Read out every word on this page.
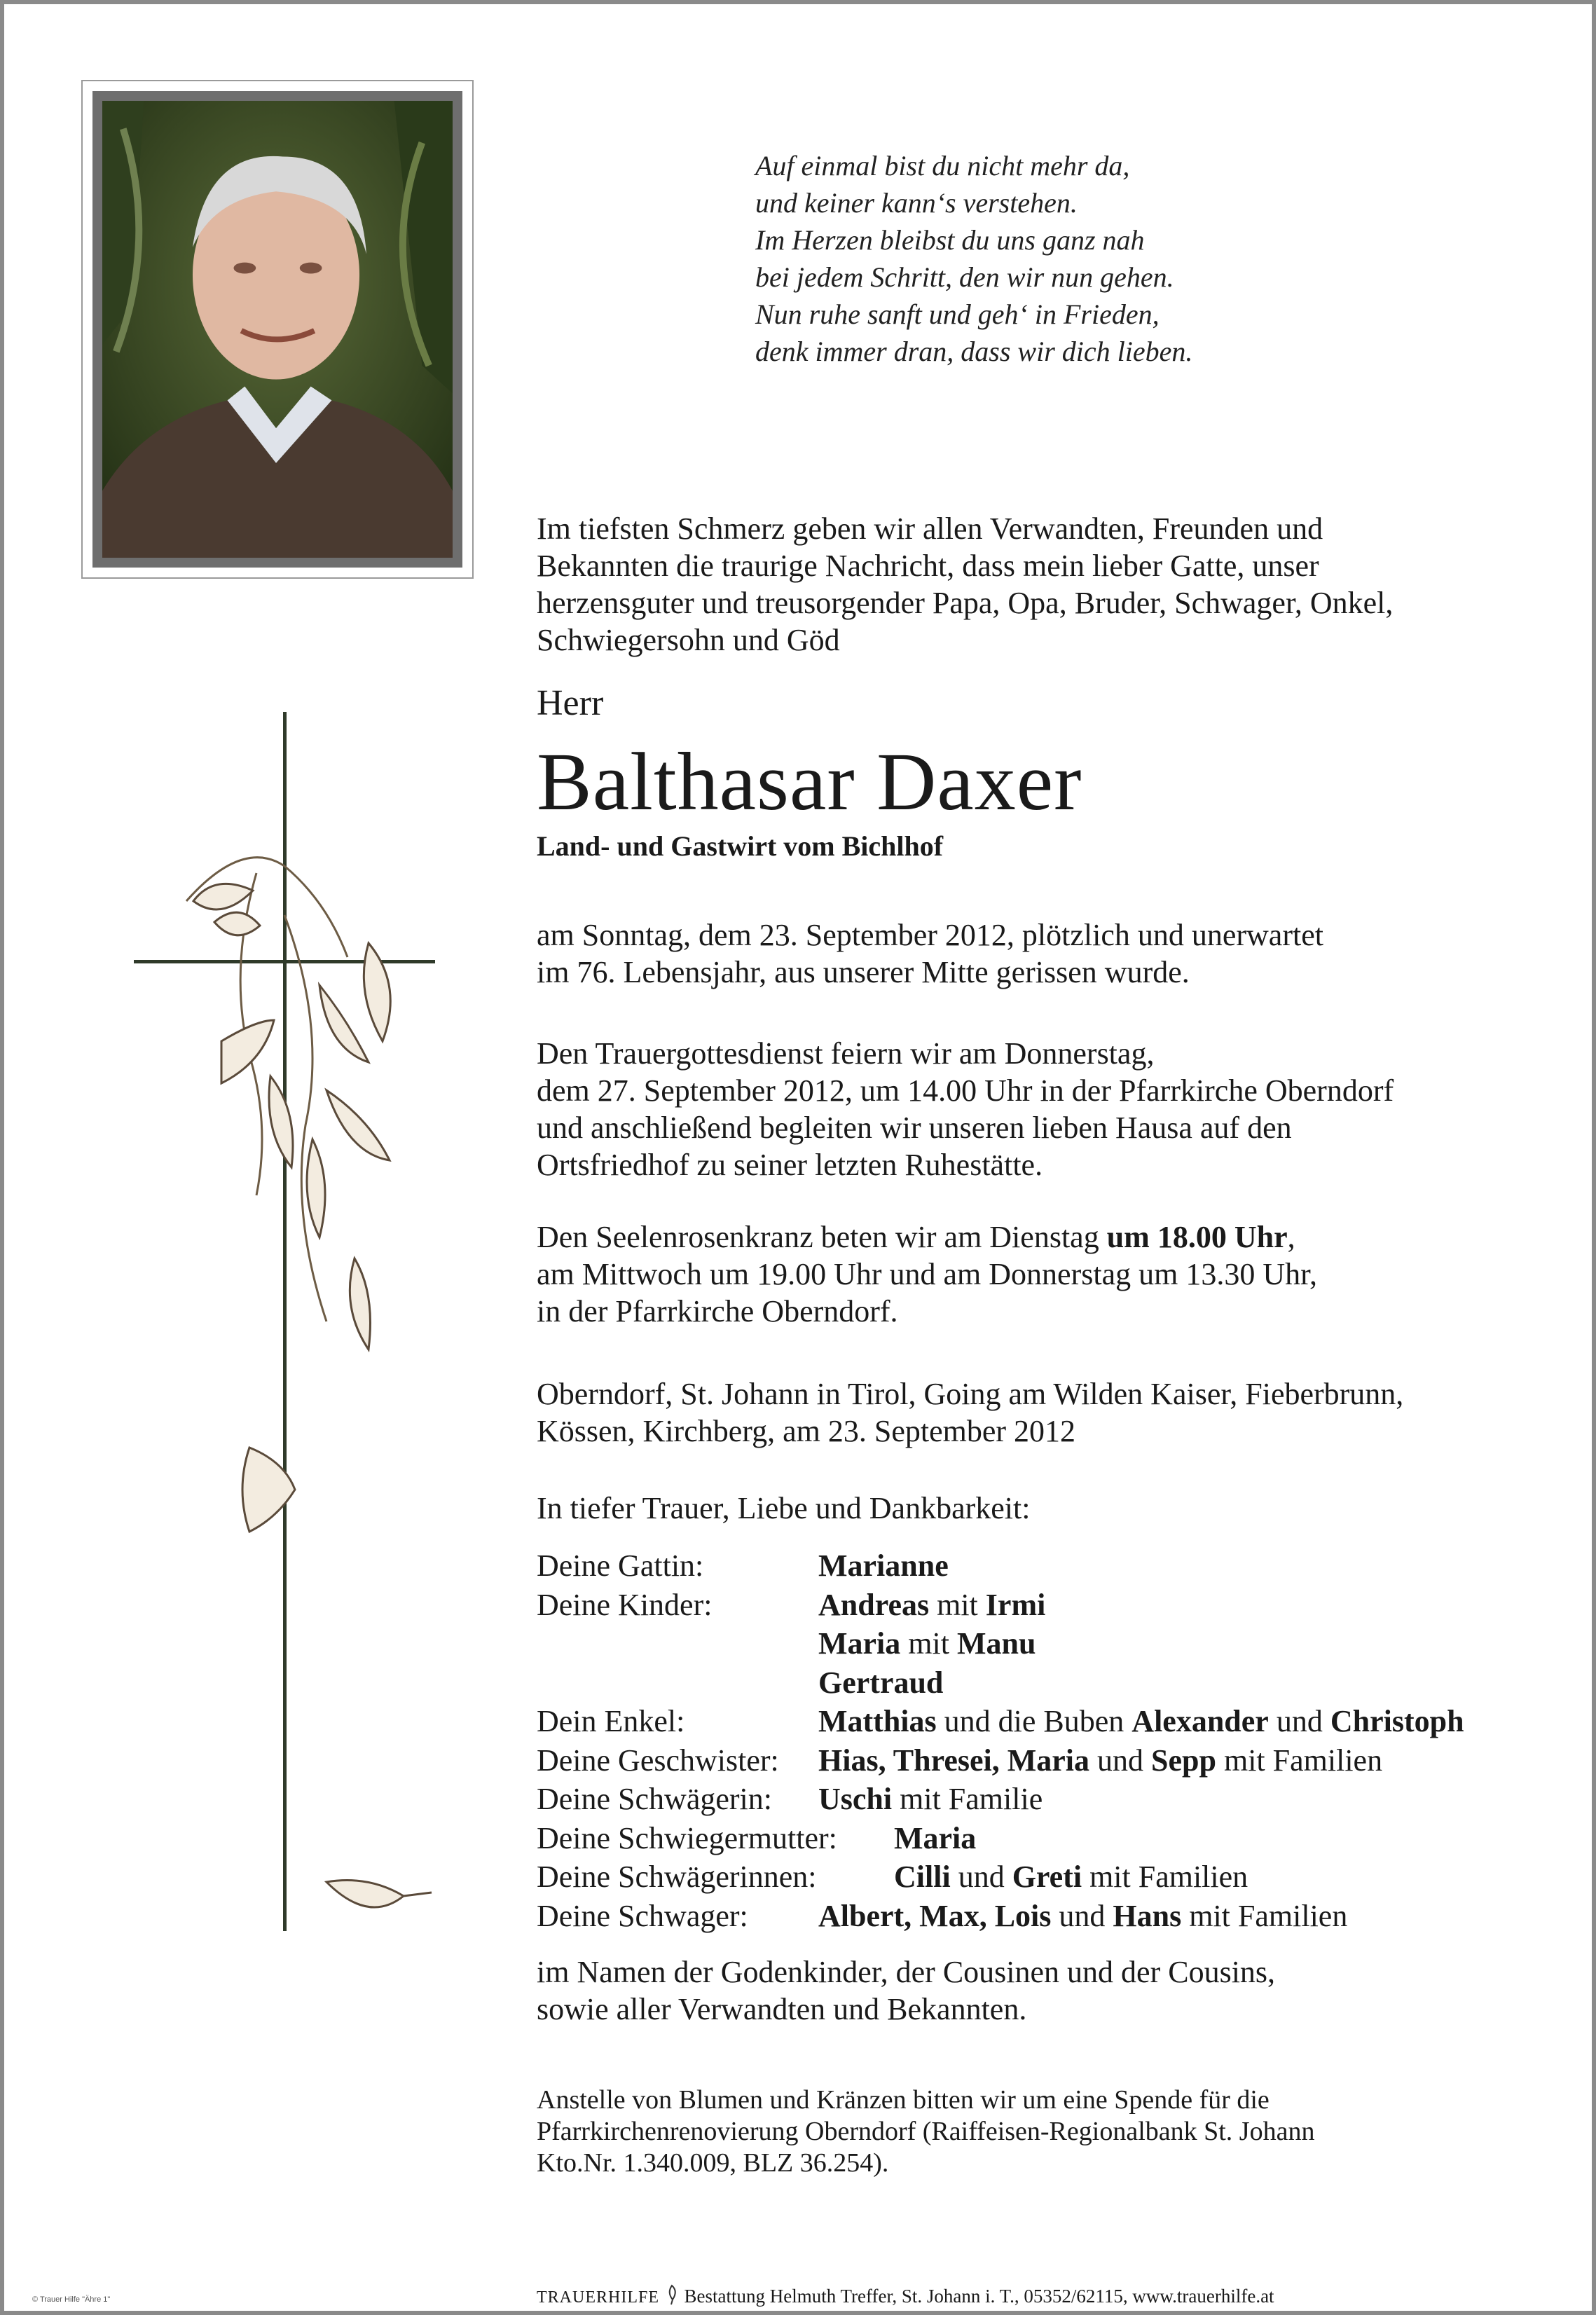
Auf einmal bist du nicht mehr da,
und keiner kann‘s verstehen.
Im Herzen bleibst du uns ganz nah
bei jedem Schritt, den wir nun gehen.
Nun ruhe sanft und geh‘ in Frieden,
denk immer dran, dass wir dich lieben.
Im tiefsten Schmerz geben wir allen Verwandten, Freunden und
Bekannten die traurige Nachricht, dass mein lieber Gatte, unser
herzensguter und treusorgender Papa, Opa, Bruder, Schwager, Onkel,
Schwiegersohn und Göd
Herr
Balthasar Daxer
Land- und Gastwirt vom Bichlhof
am Sonntag, dem 23. September 2012, plötzlich und unerwartet
im 76. Lebensjahr, aus unserer Mitte gerissen wurde.
Den Trauergottesdienst feiern wir am Donnerstag,
dem 27. September 2012, um 14.00 Uhr in der Pfarrkirche Oberndorf
und anschließend begleiten wir unseren lieben Hausa auf den
Ortsfriedhof zu seiner letzten Ruhestätte.
Den Seelenrosenkranz beten wir am Dienstag um 18.00 Uhr,
am Mittwoch um 19.00 Uhr und am Donnerstag um 13.30 Uhr,
in der Pfarrkirche Oberndorf.
Oberndorf, St. Johann in Tirol, Going am Wilden Kaiser, Fieberbrunn,
Kössen, Kirchberg, am 23. September 2012
In tiefer Trauer, Liebe und Dankbarkeit:
Deine Gattin:	Marianne
Deine Kinder:	Andreas mit Irmi
Maria mit Manu
Gertraud
Dein Enkel:	Matthias und die Buben Alexander und Christoph
Deine Geschwister: Hias, Thresei, Maria und Sepp mit Familien
Deine Schwägerin: Uschi mit Familie
Deine Schwiegermutter: Maria
Deine Schwägerinnen:	Cilli und Greti mit Familien
Deine Schwager: Albert, Max, Lois und Hans mit Familien
im Namen der Godenkinder, der Cousinen und der Cousins,
sowie aller Verwandten und Bekannten.
Anstelle von Blumen und Kränzen bitten wir um eine Spende für die
Pfarrkirchenrenovierung Oberndorf (Raiffeisen-Regionalbank St. Johann
Kto.Nr. 1.340.009, BLZ 36.254).
TRAUERHILFE Bestattung Helmuth Treffer, St. Johann i. T., 05352/62115, www.trauerhilfe.at
© Trauer Hilfe "Ähre 1"
